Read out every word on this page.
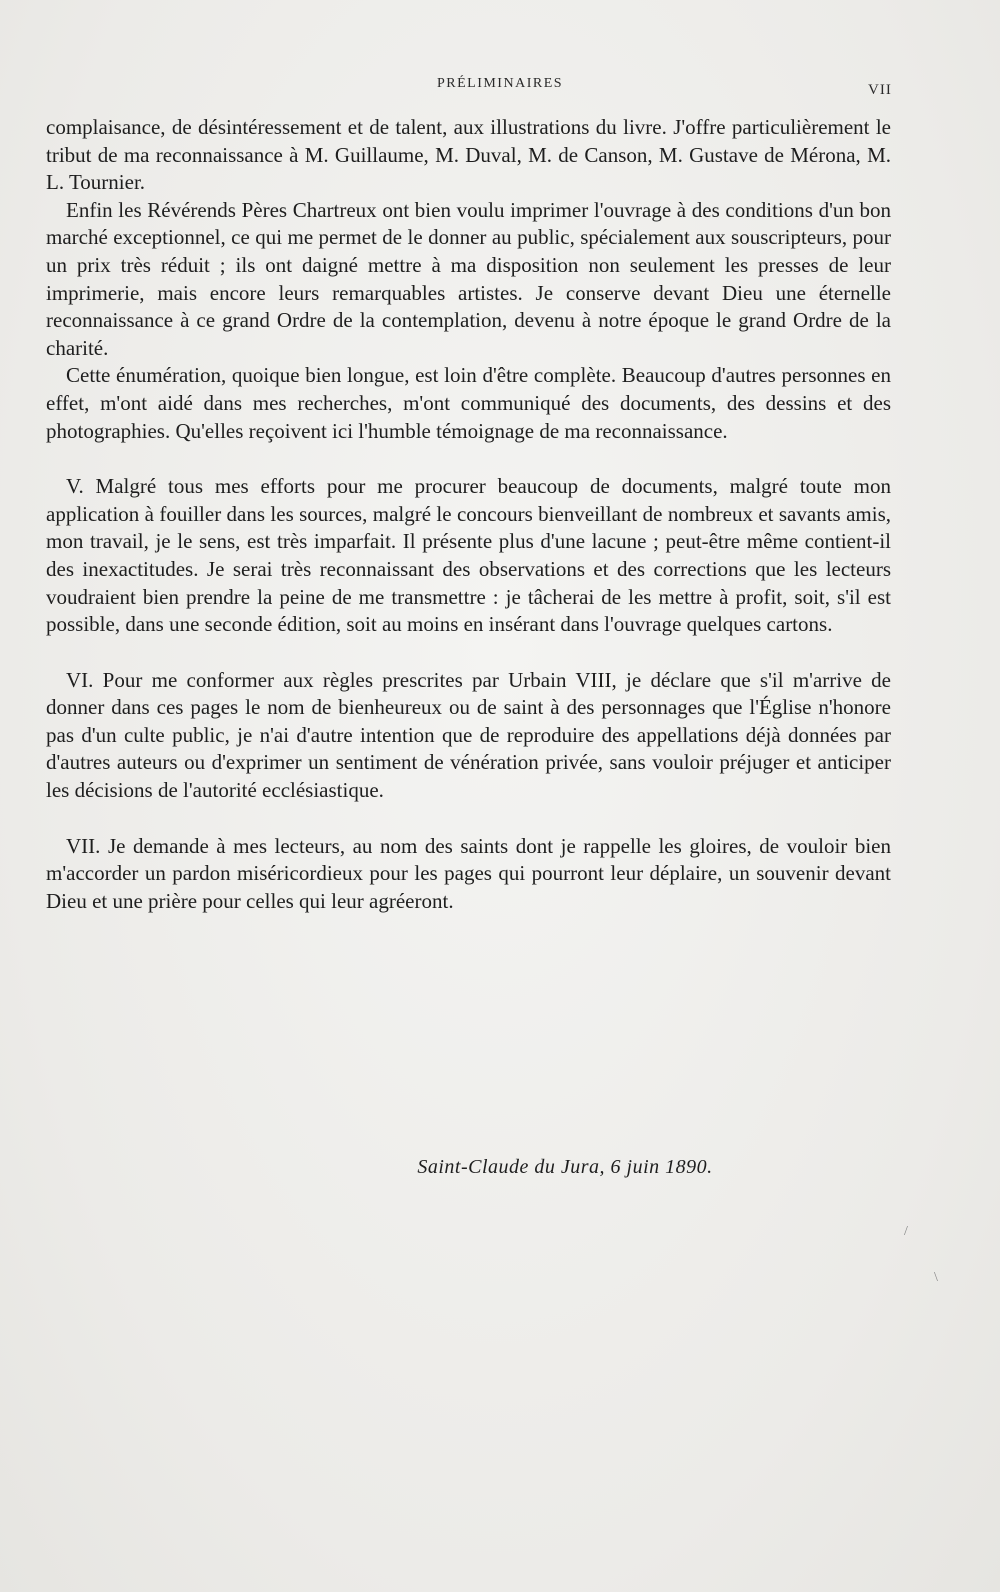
PRÉLIMINAIRES	VII

complaisance, de désintéressement et de talent, aux illustrations du livre. J'offre particulièrement le tribut de ma reconnaissance à M. Guillaume, M. Duval, M. de Canson, M. Gustave de Mérona, M. L. Tournier.

Enfin les Révérends Pères Chartreux ont bien voulu imprimer l'ouvrage à des conditions d'un bon marché exceptionnel, ce qui me permet de le donner au public, spécialement aux souscripteurs, pour un prix très réduit ; ils ont daigné mettre à ma disposition non seulement les presses de leur imprimerie, mais encore leurs remarquables artistes. Je conserve devant Dieu une éternelle reconnaissance à ce grand Ordre de la contemplation, devenu à notre époque le grand Ordre de la charité.

Cette énumération, quoique bien longue, est loin d'être complète. Beaucoup d'autres personnes en effet, m'ont aidé dans mes recherches, m'ont communiqué des documents, des dessins et des photographies. Qu'elles reçoivent ici l'humble témoignage de ma reconnaissance.

V. Malgré tous mes efforts pour me procurer beaucoup de documents, malgré toute mon application à fouiller dans les sources, malgré le concours bienveillant de nombreux et savants amis, mon travail, je le sens, est très imparfait. Il présente plus d'une lacune ; peut-être même contient-il des inexactitudes. Je serai très reconnaissant des observations et des corrections que les lecteurs voudraient bien prendre la peine de me transmettre : je tâcherai de les mettre à profit, soit, s'il est possible, dans une seconde édition, soit au moins en insérant dans l'ouvrage quelques cartons.

VI. Pour me conformer aux règles prescrites par Urbain VIII, je déclare que s'il m'arrive de donner dans ces pages le nom de bienheureux ou de saint à des personnages que l'Église n'honore pas d'un culte public, je n'ai d'autre intention que de reproduire des appellations déjà données par d'autres auteurs ou d'exprimer un sentiment de vénération privée, sans vouloir préjuger et anticiper les décisions de l'autorité ecclésiastique.

VII. Je demande à mes lecteurs, au nom des saints dont je rappelle les gloires, de vouloir bien m'accorder un pardon miséricordieux pour les pages qui pourront leur déplaire, un souvenir devant Dieu et une prière pour celles qui leur agréeront.

Saint-Claude du Jura, 6 juin 1890.
/
\
